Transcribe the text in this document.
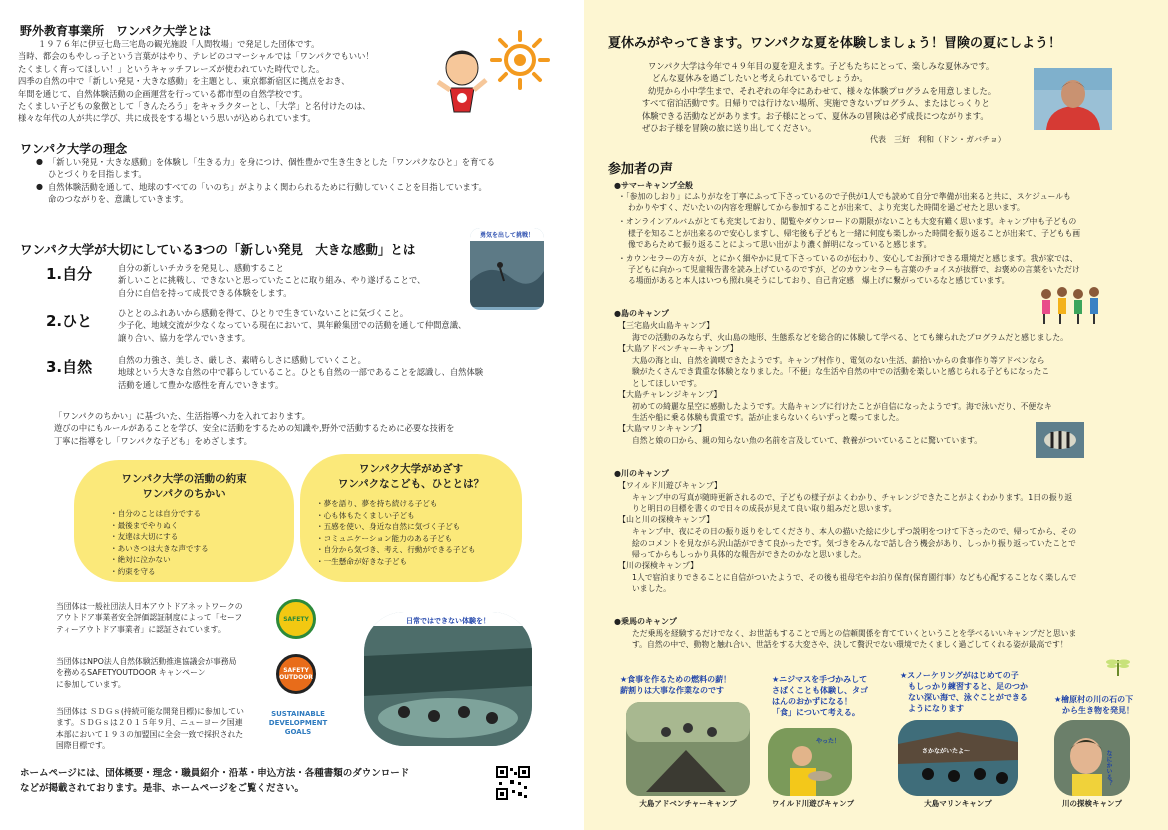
野外教育事業所　ワンパク大学とは
１９７６年に伊豆七島三宅島の観光施設「人間牧場」で発足した団体です。
当時、都会のもやしっ子という言葉がはやり、テレビのコマーシャルでは「ワンパクでもいい！
たくましく育ってほしい！」というキャッチフレーズが使われていた時代でした。
四季の自然の中で「新しい発見・大きな感動」を主題とし、東京都新宿区に拠点をおき、
年間を通じて、自然体験活動の企画運営を行っている都市型の自然学校です。
たくましい子どもの象徴として「きんたろう」をキャラクターとし、「大学」と名付けたのは、
様々な年代の人が共に学び、共に成長をする場という思いが込められています。
ワンパク大学の理念
● 「新しい発見・大きな感動」を体験し「生きる力」を身につけ、個性豊かで生き生きとした「ワンパクなひと」を育てる
ひとづくりを目指します。
● 自然体験活動を通して、地球のすべての「いのち」がよりよく関わられるために行動していくことを目指しています。
命のつながりを、意識していきます。
ワンパク大学が大切にしている3つの「新しい発見　大きな感動」とは
勇気を出して挑戦！
1.自分	自分の新しいチカラを発見し、感動すること
新しいことに挑戦し、できないと思っていたことに取り組み、やり遂げることで、
自分に自信を持って成長できる体験をします。
2.ひと	ひととのふれあいから感動を得て、ひとりで生きていないことに気づくこと。
少子化、地域交流が少なくなっている現在において、異年齢集団での活動を通して仲間意識、
譲り合い、協力を学んでいきます。
3.自然	自然の力強さ、美しさ、厳しさ、素晴らしさに感動していくこと。
地球という大きな自然の中で暮らしていること。ひとも自然の一部であることを認識し、自然体験
活動を通して豊かな感性を育んでいきます。
「ワンパクのちかい」に基づいた、生活指導へ力を入れております。
遊びの中にもルールがあることを学び、安全に活動をするための知識や,野外で活動するために必要な技術を
丁寧に指導をし「ワンパクな子ども」をめざします。
ワンパク大学の活動の約束
ワンパクのちかい
・ 自分のことは自分でする
・ 最後までやりぬく
・ 友達は大切にする
・ あいさつは大きな声でする
・ 絶対に泣かない
・ 約束を守る
ワンパク大学がめざす
ワンパクなこども、ひととは？
・ 夢を語り、夢を持ち続ける子ども
・ 心も体もたくましい子ども
・ 五感を使い、身近な自然に気づく子ども
・ コミュニケーション能力のある子ども
・ 自分から気づき、考え、行動ができる子ども
・ 一生懸命が好きな子ども
当団体は一般社団法人日本アウトドアネットワークの
アウトドア事業者安全評価認証制度によって「セーフ
ティーアウトドア事業者」に認証されています。
SAFETY
当団体はNPO法人自然体験活動推進協議会が事務局
を務めるSAFETYOUTDOOR キャンペーン
に参加しています。
SAFETY OUTDOOR
当団体は ＳＤＧｓ(持続可能な開発目標)に参加してい
ます。ＳＤＧｓは２０１５年９月、ニューヨーク国連
本部において１９３の加盟国に全会一致で採択された
国際目標です。
SUSTAINABLE DEVELOPMENT GOALS
日常ではできない体験を！
ホームページには、団体概要・理念・職員紹介・沿革・申込方法・各種書類のダウンロード
などが掲載されております。是非、ホームページをご覧ください。
夏休みがやってきます。ワンパクな夏を体験しましょう！冒険の夏にしよう！
ワンパク大学は今年で４９年目の夏を迎えます。子どもたちにとって、楽しみな夏休みです。
どんな夏休みを過ごしたいと考えられているでしょうか。
幼児から小中学生まで、それぞれの年令にあわせて、様々な体験プログラムを用意しました。
すべて宿泊活動です。日帰りでは行けない場所、実施できないプログラム、またはじっくりと
体験できる活動などがあります。お子様にとって、夏休みの冒険は必ず成長につながります。
ぜひお子様を冒険の旅に送り出してください。
代表　三好　利和（ドン・ガバチョ）
参加者の声
●サマーキャンプ全般
・「参加のしおり」にふりがなを丁寧にふって下さっているので子供が1人でも読めて自分で準備が出来ると共に、スケジュールも
わかりやすく、だいたいの内容を理解してから参加することが出来て、より充実した時間を過ごせたと思います。
・オンラインアルバムがとても充実しており、閲覧やダウンロードの期限がないことも大変有難く思います。キャンプ中も子どもの
様子を知ることが出来るので安心しますし、帰宅後も子どもと一緒に何度も楽しかった時間を振り返ることが出来て、子どもも画
像であらためて振り返ることによって思い出がより濃く鮮明になっていると感じます。
・カウンセラーの方々が、とにかく細やかに見て下さっているのが伝わり、安心してお預けできる環境だと感じます。我が家では、
子どもに向かって児童報告書を読み上げているのですが、どのカウンセラーも言葉のチョイスが抜群で、お褒めの言葉をいただけ
る場面があると本人はいつも照れ臭そうにしており、自己肯定感　爆上げに繋がっているなと感じています。
●島のキャンプ
【三宅島火山島キャンプ】
海での活動のみならず、火山島の地形、生態系などを総合的に体験して学べる、とても練られたプログラムだと感じました。
【大島アドベンチャーキャンプ】
大島の海と山、自然を満喫できたようです。キャンプ村作り、電気のない生活、薪拾いからの食事作り等アドベンなら
験がたくさんでき貴重な体験となりました。「不便」な生活や自然の中での活動を楽しいと感じられる子どもになったこ
としてほしいです。
【大島チャレンジキャンプ】
初めての綺麗な星空に感動したようです。大島キャンプに行けたことが自信になったようです。海で泳いだり、不便なキ
生活や船に乗る体験も貴重です。話が止まらないくらいずっと喋ってました。
【大島マリンキャンプ】
自然と娘の口から、親の知らない魚の名前を言及していて、教養がついていることに驚いています。
●川のキャンプ
【ワイルド川遊びキャンプ】
キャンプ中の写真が随時更新されるので、子どもの様子がよくわかり、チャレンジできたことがよくわかります。1日の振り返
りと明日の目標を書くので日々の成長が見えて良い取り組みだと思います。
【山と川の探検キャンプ】
キャンプ中、夜にその日の振り返りをしてくださり、本人の描いた絵に少しずつ説明をつけて下さったので、帰ってから、その
絵のコメントを見ながら沢山話ができて良かったです。気づきをみんなで話し合う機会があり、しっかり振り返っていたことで
帰ってからもしっかり具体的な報告ができたのかなと思いました。
【川の探検キャンプ】
1人で宿泊まりできることに自信がついたようで、その後も祖母宅やお泊り保育(保育園行事）なども心配することなく楽しんで
いました。
●乗馬のキャンプ
ただ乗馬を経験するだけでなく、お世話もすることで馬との信頼関係を育てていくということを学べるいいキャンプだと思いま
す。自然の中で、動物と触れ合い、世話をする大変さや、決して贅沢でない環境でたくましく過ごしてくれる姿が最高です！
★食事を作るための燃料の薪！
薪割りは大事な作業なのです
大島アドベンチャーキャンプ
★ニジマスを手づかみして
さばくことも体験し、タゴ
はんのおかずになる！
「食」について考える。
やった！
ワイルド川遊びキャンプ
★スノーケリングがはじめての子
もしっかり練習すると、足のつか
ない深い海で、泳ぐことができる
ようになります
さかながいたよ～
大島マリンキャンプ
★檜原村の川の石の下
から生き物を発見！
なにかいる？
川の探検キャンプ
